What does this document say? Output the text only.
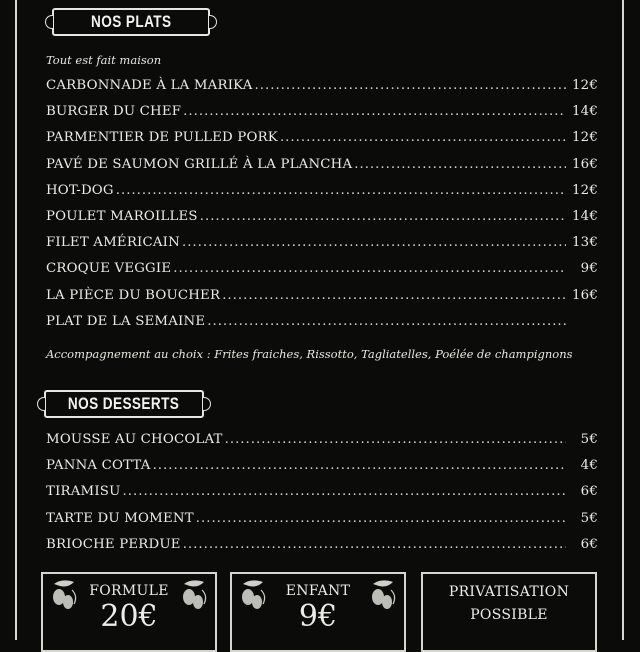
NOS PLATS
Tout est fait maison
CARBONNADE À LA MARIKA .....	12€
BURGER DU CHEF .....	14€
PARMENTIER DE PULLED PORK .....	12€
PAVÉ DE SAUMON GRILLÉ À LA PLANCHA .....	16€
HOT-DOG .....	12€
POULET MAROILLES .....	14€
FILET AMÉRICAIN .....	13€
CROQUE VEGGIE .....	9€
LA PIÈCE DU BOUCHER .....	16€
PLAT DE LA SEMAINE
.....
Accompagnement au choix : Frites fraiches, Rissotto, Tagliatelles, Poélée de champignons
NOS DESSERTS
MOUSSE AU CHOCOLAT .....	5€
PANNA COTTA .....	4€
TIRAMISU .....	6€
TARTE DU MOMENT .....	5€
BRIOCHE PERDUE .....	6€
FORMULE
20€
ENFANT
9€
PRIVATISATION
POSSIBLE
